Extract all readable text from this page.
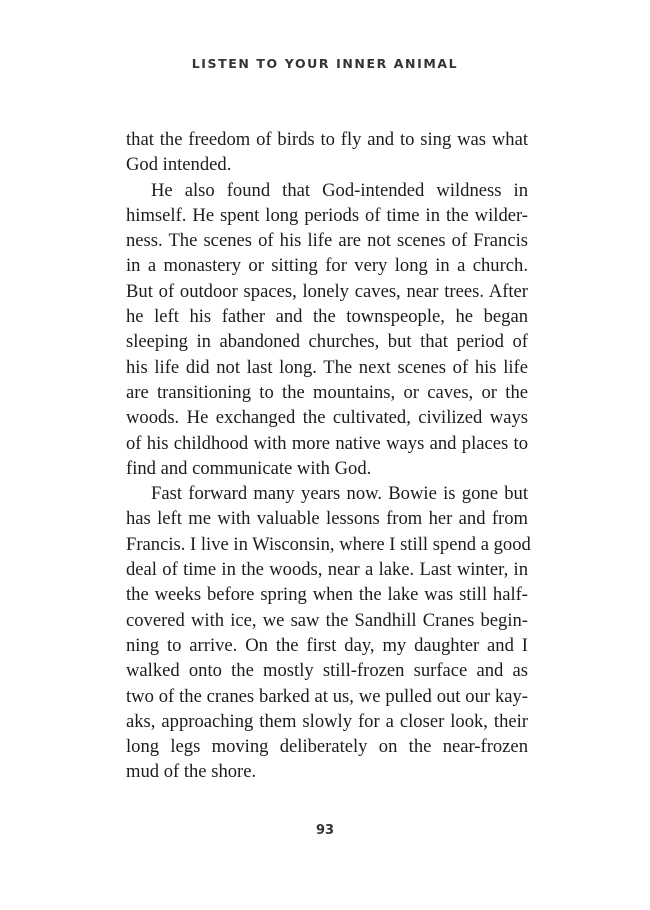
LISTEN TO YOUR INNER ANIMAL
that the freedom of birds to fly and to sing was what
God intended.
He also found that God-intended wildness in
himself. He spent long periods of time in the wilder-
ness. The scenes of his life are not scenes of Francis
in a monastery or sitting for very long in a church.
But of outdoor spaces, lonely caves, near trees. After
he left his father and the townspeople, he began
sleeping in abandoned churches, but that period of
his life did not last long. The next scenes of his life
are transitioning to the mountains, or caves, or the
woods. He exchanged the cultivated, civilized ways
of his childhood with more native ways and places to
find and communicate with God.
Fast forward many years now. Bowie is gone but
has left me with valuable lessons from her and from
Francis. I live in Wisconsin, where I still spend a good
deal of time in the woods, near a lake. Last winter, in
the weeks before spring when the lake was still half-
covered with ice, we saw the Sandhill Cranes begin-
ning to arrive. On the first day, my daughter and I
walked onto the mostly still-frozen surface and as
two of the cranes barked at us, we pulled out our kay-
aks, approaching them slowly for a closer look, their
long legs moving deliberately on the near-frozen
mud of the shore.
93
